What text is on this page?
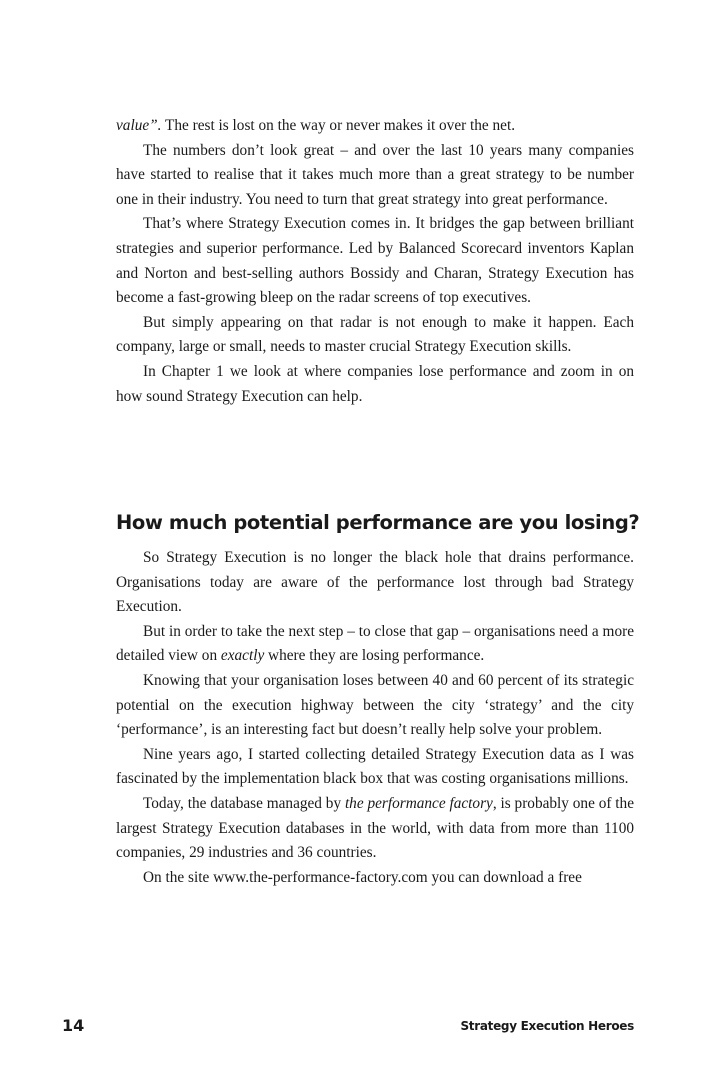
value”. The rest is lost on the way or never makes it over the net.

The numbers don’t look great – and over the last 10 years many companies have started to realise that it takes much more than a great strategy to be number one in their industry. You need to turn that great strategy into great performance.

That’s where Strategy Execution comes in. It bridges the gap between brilliant strategies and superior performance. Led by Balanced Scorecard inventors Kaplan and Norton and best-selling authors Bossidy and Charan, Strategy Execution has become a fast-growing bleep on the radar screens of top executives.

But simply appearing on that radar is not enough to make it happen. Each company, large or small, needs to master crucial Strategy Execution skills.

In Chapter 1 we look at where companies lose performance and zoom in on how sound Strategy Execution can help.

How much potential performance are you losing?

So Strategy Execution is no longer the black hole that drains performance. Organisations today are aware of the performance lost through bad Strategy Execution.

But in order to take the next step – to close that gap – organisations need a more detailed view on exactly where they are losing performance.

Knowing that your organisation loses between 40 and 60 percent of its strategic potential on the execution highway between the city ‘strategy’ and the city ‘performance’, is an interesting fact but doesn’t really help solve your problem.

Nine years ago, I started collecting detailed Strategy Execution data as I was fascinated by the implementation black box that was costing organisations millions.

Today, the database managed by the performance factory, is probably one of the largest Strategy Execution databases in the world, with data from more than 1100 companies, 29 industries and 36 countries.

On the site www.the-performance-factory.com you can download a free

14	Strategy Execution Heroes
